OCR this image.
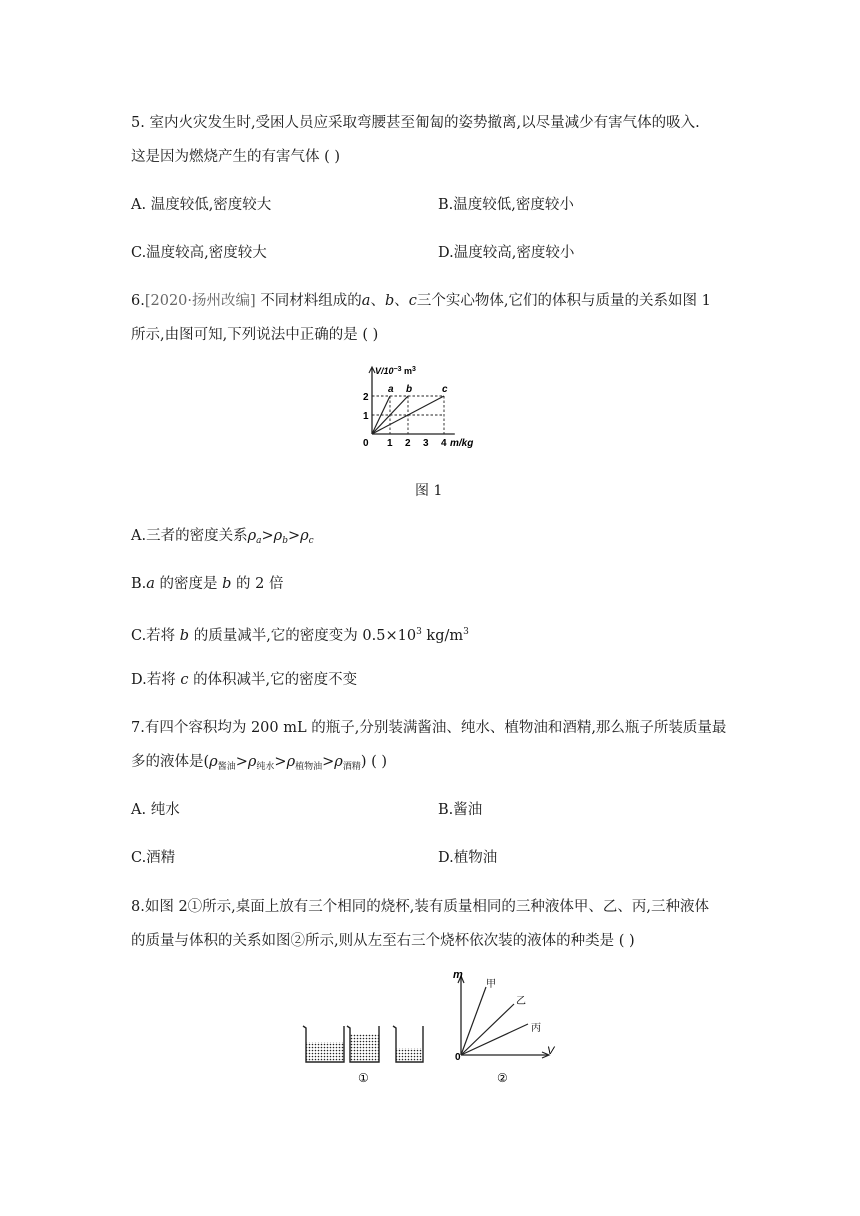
5. 室内火灾发生时,受困人员应采取弯腰甚至匍匐的姿势撤离,以尽量减少有害气体的吸入.
这是因为燃烧产生的有害气体 ( )
A. 温度较低,密度较大	B.温度较低,密度较小
C.温度较高,密度较大	D.温度较高,密度较小
6.[2020·扬州改编] 不同材料组成的a、b、c三个实心物体,它们的体积与质量的关系如图 1
所示,由图可知,下列说法中正确的是 ( )
a b	c
1 2 3 4
1
2
0	m/kg
$V/10^{-3}$ $m^3$
图 1
A.三者的密度关系$\rho_a>\rho_b>\rho_c$
B.a 的密度是 b 的 2 倍
C.若将 b 的质量减半,它的密度变为 $0.5\times 10^3$ $kg/m^3$
D.若将 c 的体积减半,它的密度不变
7.有四个容积均为 200 mL 的瓶子,分别装满酱油、纯水、植物油和酒精,那么瓶子所装质量最
多的液体是$(\rho_{酱油}>\rho_{纯水}>\rho_{植物油}>\rho_{酒精})$ ( )
A. 纯水	B.酱油
C.酒精	D.植物油
8.如图 2①所示,桌面上放有三个相同的烧杯,装有质量相同的三种液体甲、乙、丙,三种液体
的质量与体积的关系如图②所示,则从左至右三个烧杯依次装的液体的种类是 ( )
①
m
V
0
甲
乙
丙
②
